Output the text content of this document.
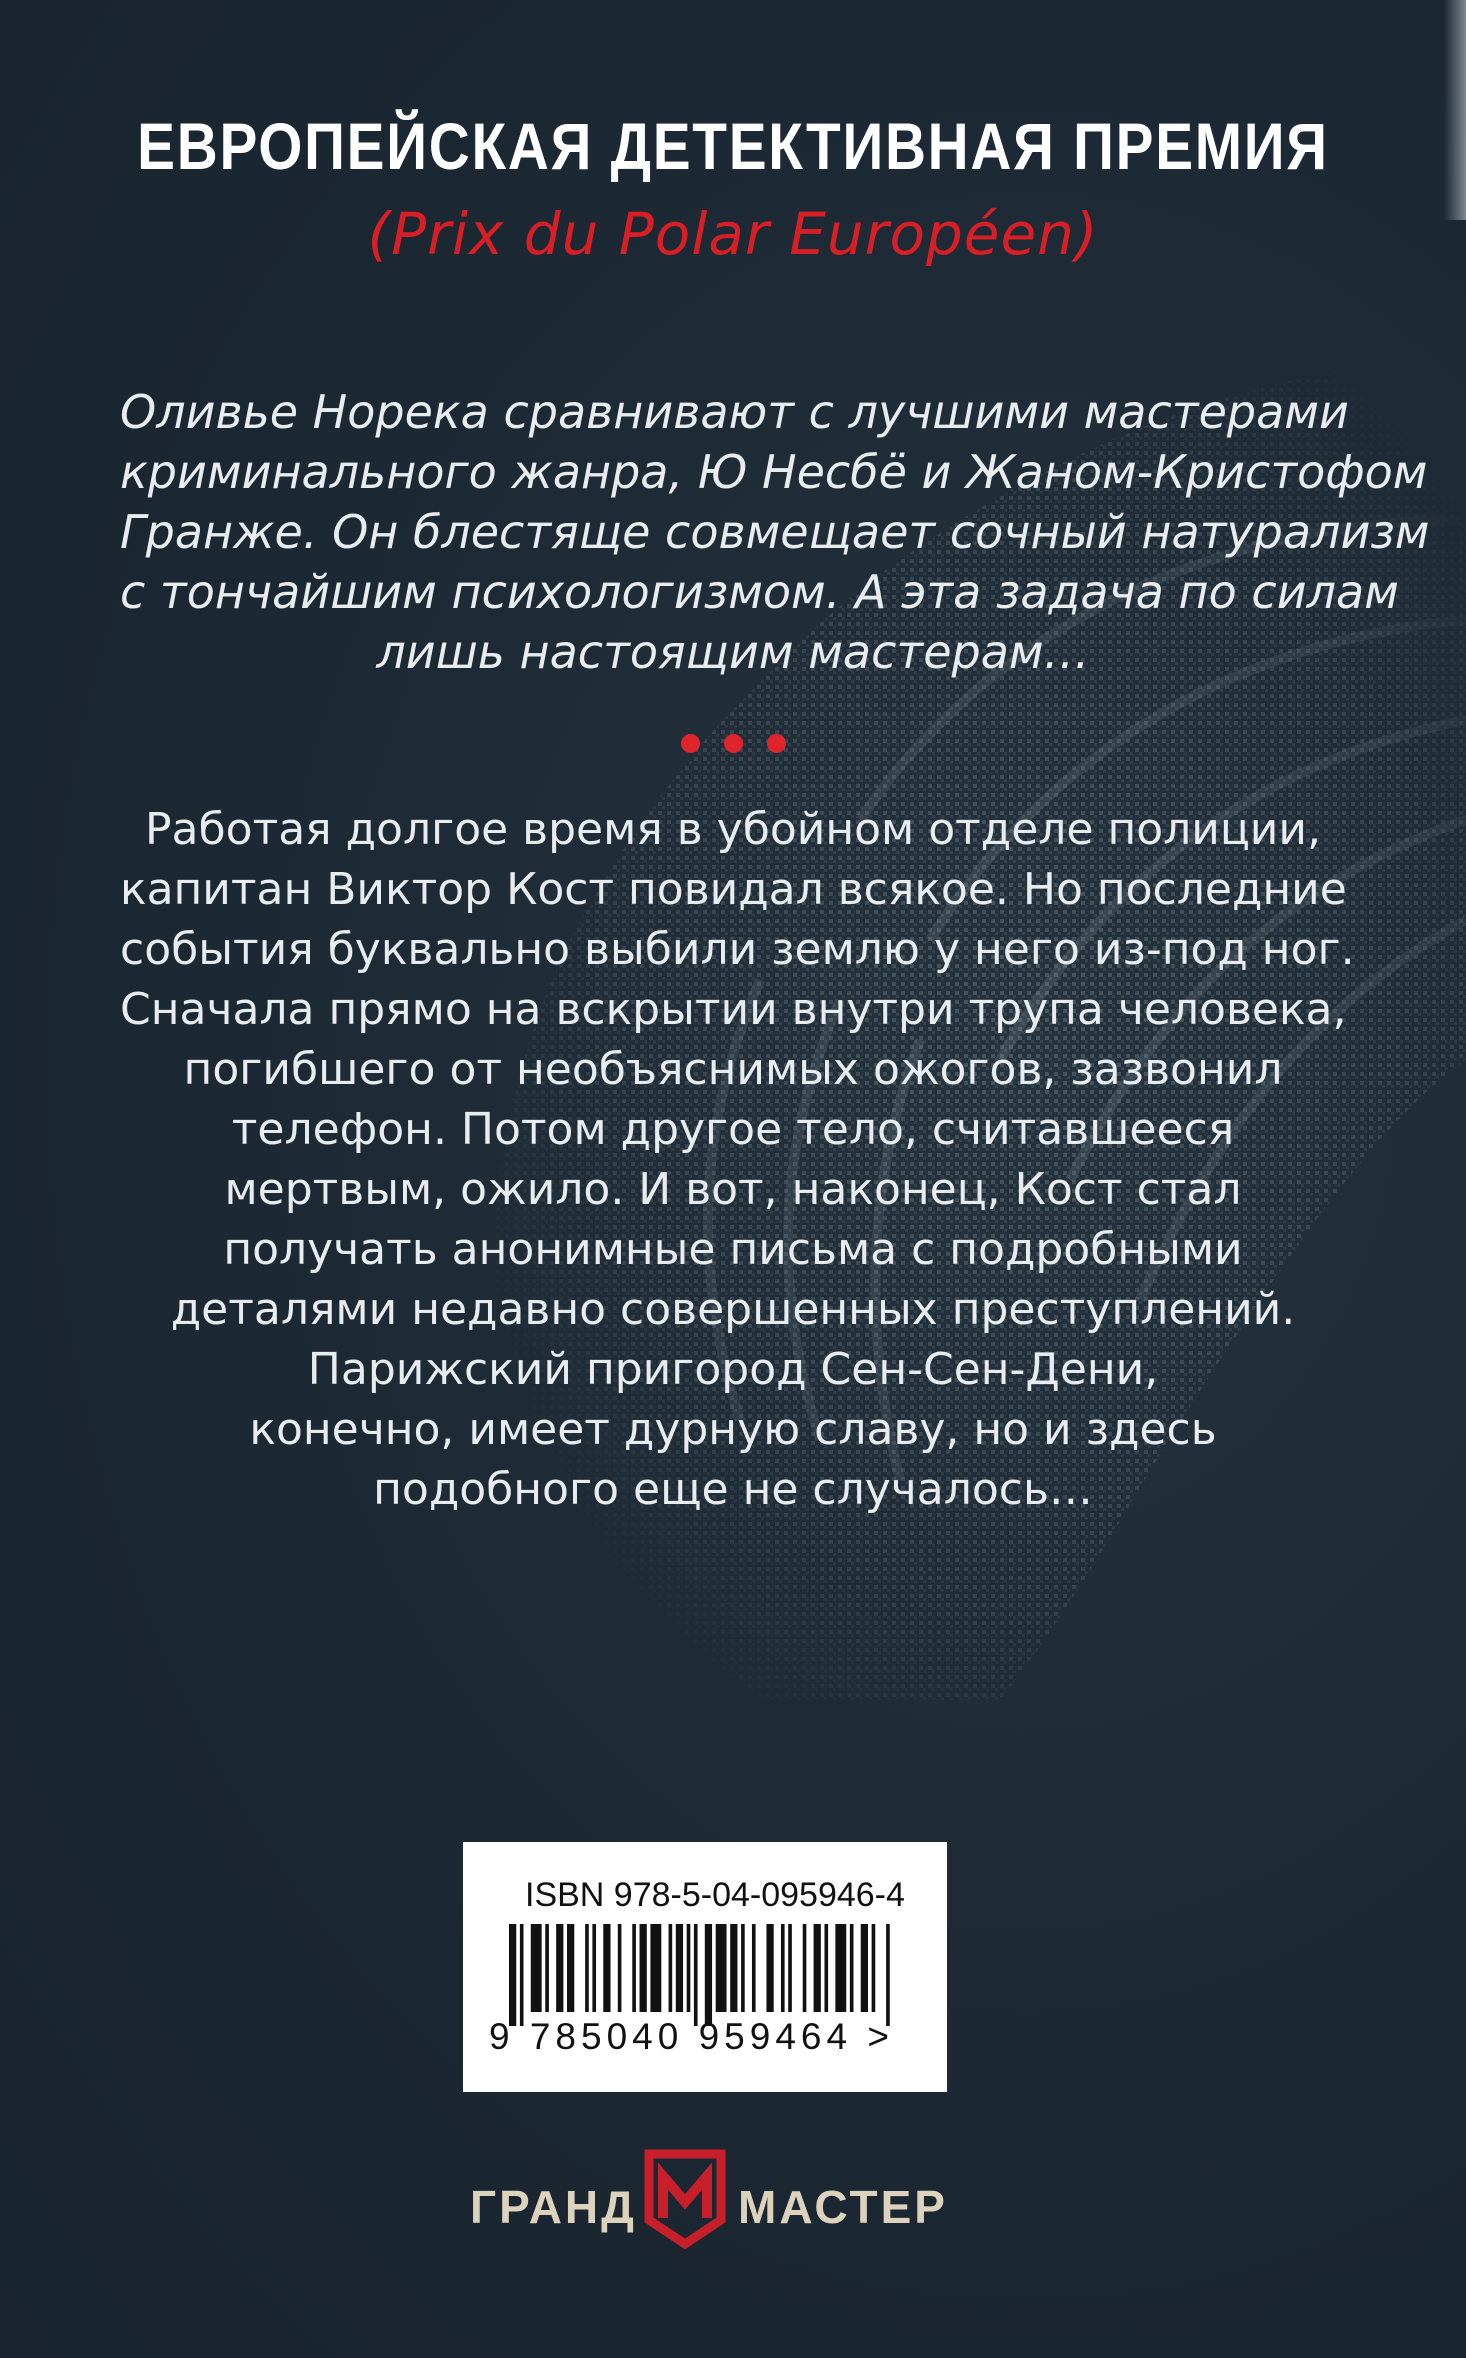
ЕВРОПЕЙСКАЯ ДЕТЕКТИВНАЯ ПРЕМИЯ
(Prix du Polar Européen)
Оливье Норека сравнивают с лучшими мастерами
криминального жанра, Ю Несбё и Жаном-Кристофом
Гранже. Он блестяще совмещает сочный натурализм
с тончайшим психологизмом. А эта задача по силам
лишь настоящим мастерам…
Работая долгое время в убойном отделе полиции,
капитан Виктор Кост повидал всякое. Но последние
события буквально выбили землю у него из-под ног.
Сначала прямо на вскрытии внутри трупа человека,
погибшего от необъяснимых ожогов, зазвонил
телефон. Потом другое тело, считавшееся
мертвым, ожило. И вот, наконец, Кост стал
получать анонимные письма с подробными
деталями недавно совершенных преступлений.
Парижский пригород Сен-Сен-Дени,
конечно, имеет дурную славу, но и здесь
подобного еще не случалось…
ISBN 978-5-04-095946-4
9 785040 959464 >
ГРАНД МАСТЕР
